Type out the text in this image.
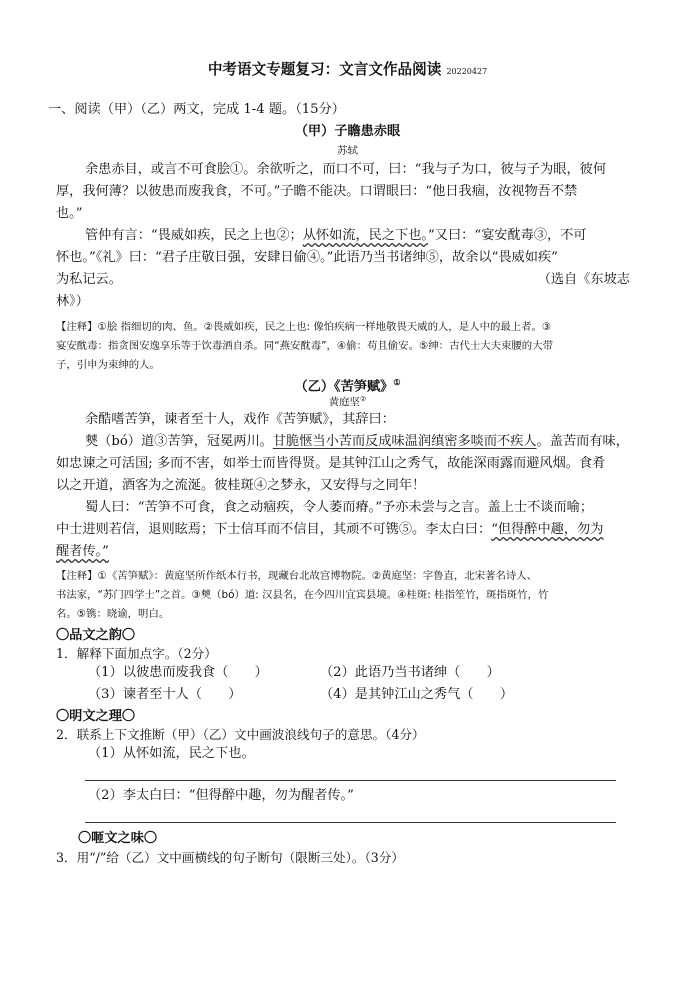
中考语文专题复习：文言文作品阅读 20220427
一、阅读（甲）（乙）两文，完成 1-4 题。（15分）
（甲）子瞻患赤眼
苏轼
余患赤目，或言不可食脍①。余欲听之，而口不可，曰：“我与子为口，彼与子为眼，彼何
厚，我何薄？以彼患而废我食，不可。”子瞻不能决。口谓眼曰：“他日我痼，汝视物吾不禁
也。”
管仲有言：“畏威如疾，民之上也②；从怀如流，民之下也。”又曰：“宴安酖毒③，不可
怀也。”《礼》曰：“君子庄敬日强，安肆日偷④。”此语乃当书诸绅⑤，故余以“畏威如疾”
为私记云。	（选自《东坡志
林》）
【注释】①脍 指细切的肉、鱼。②畏威如疾，民之上也: 像怕疾病一样地敬畏天威的人，是人中的最上者。③
宴安酖毒：指贪图安逸享乐等于饮毒酒自杀。同“燕安酖毒”，④偷：苟且偷安。⑤绅：古代士大夫束腰的大带
子，引申为束绅的人。
（乙）《苦笋赋》①
黄庭坚②
余酷嗜苦笋，谏者至十人，戏作《苦笋赋》，其辞曰：
僰（bó）道③苦笋，冠冕两川。甘脆惬当小苦而反成味温润缜密多啖而不疾人。盖苦而有味，
如忠谏之可活国; 多而不害，如举士而皆得贤。是其钟江山之秀气，故能深雨露而避风烟。食肴
以之开道，酒客为之流涎。彼桂斑④之梦永，又安得与之同年！
蜀人曰：“苦笋不可食，食之动痼疾，令人萎而瘠。”予亦未尝与之言。盖上士不谈而喻；
中士进则若信，退则眩焉；下士信耳而不信目，其顽不可镌⑤。李太白曰：“但得醉中趣，勿为
醒者传。”
【注释】①《苦笋赋》：黄庭坚所作纸本行书，现藏台北故宫博物院。②黄庭坚：字鲁直，北宋著名诗人、
书法家，“苏门四学士”之首。③僰（bó）道: 汉县名，在今四川宜宾县境。④桂斑: 桂指笙竹，斑指斑竹，竹
名。⑤镌：晓谕，明白。
〇品文之韵〇
1．解释下面加点字。（2分）
（1）以彼患而废我食（　　）	（2）此语乃当书诸绅（　　）
（3）谏者至十人（　　）	（4）是其钟江山之秀气（　　）
〇明文之理〇
2．联系上下文推断（甲）（乙）文中画波浪线句子的意思。（4分）
（1）从怀如流，民之下也。
（2）李太白曰：“但得醉中趣，勿为醒者传。”
〇咂文之味〇
3．用“/”给（乙）文中画横线的句子断句（限断三处）。（3分）
